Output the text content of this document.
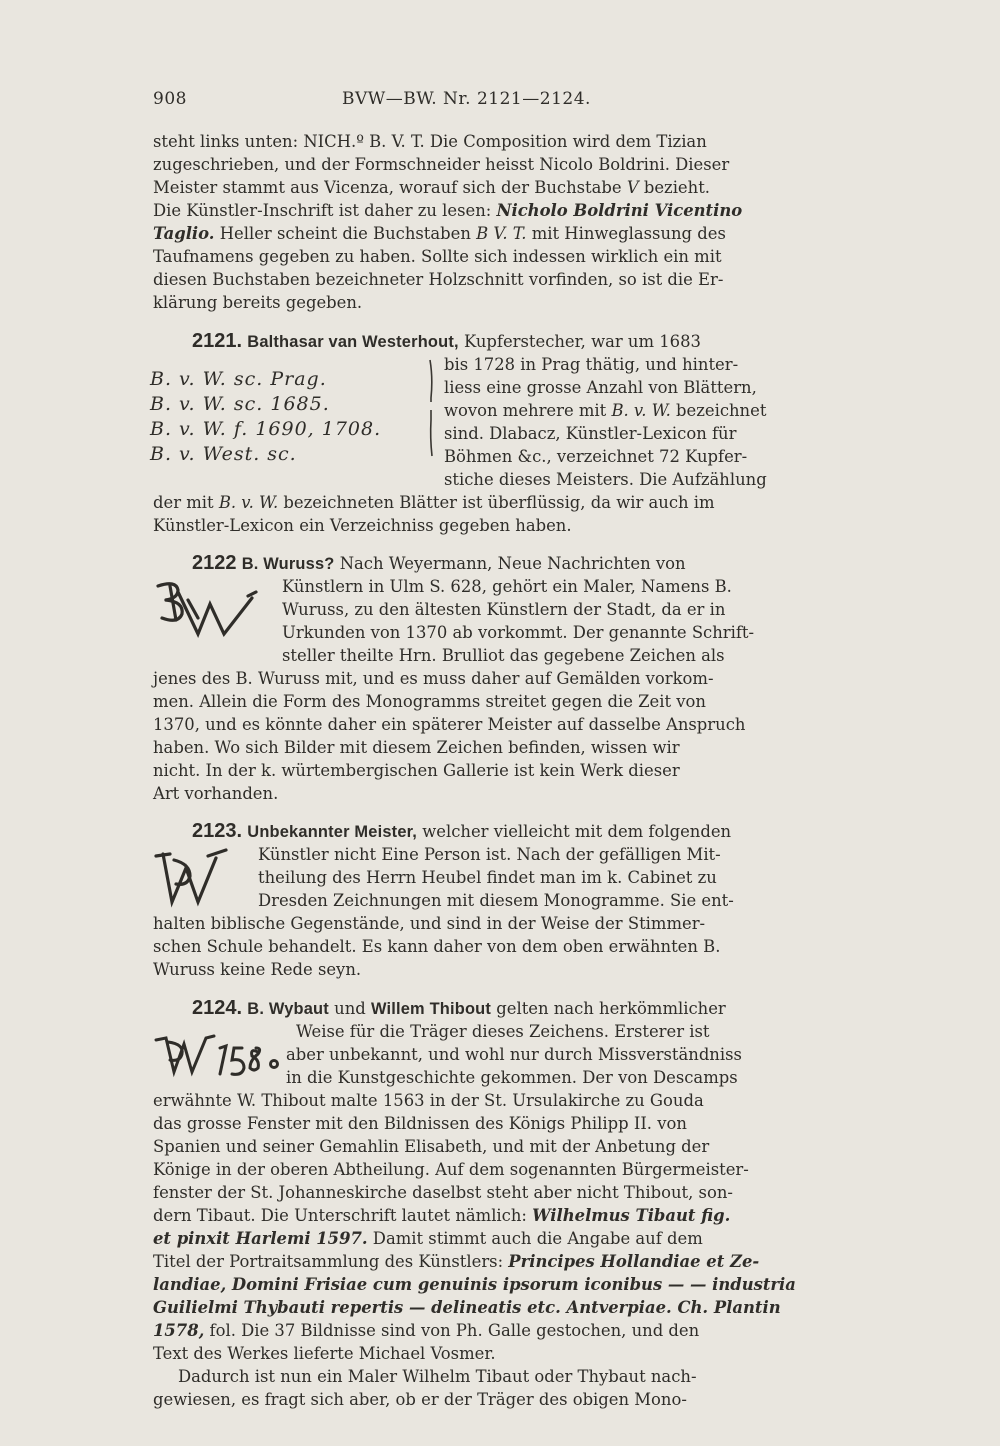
908	BVW—BW. Nr. 2121—2124.
steht links unten: NICH.º B. V. T. Die Composition wird dem Tizian
zugeschrieben, und der Formschneider heisst Nicolo Boldrini. Dieser
Meister stammt aus Vicenza, worauf sich der Buchstabe V bezieht.
Die Künstler-Inschrift ist daher zu lesen: Nicholo Boldrini Vicentino
Taglio. Heller scheint die Buchstaben B V. T. mit Hinweglassung des
Taufnamens gegeben zu haben. Sollte sich indessen wirklich ein mit
diesen Buchstaben bezeichneter Holzschnitt vorfinden, so ist die Er-
klärung bereits gegeben.
2121. Balthasar van Westerhout, Kupferstecher, war um 1683
B. v. W. sc. Prag.
B. v. W. sc. 1685.
B. v. W. f. 1690, 1708.
B. v. West. sc.
bis 1728 in Prag thätig, und hinter-
liess eine grosse Anzahl von Blättern,
wovon mehrere mit B. v. W. bezeichnet
sind. Dlabacz, Künstler-Lexicon für
Böhmen &c., verzeichnet 72 Kupfer-
stiche dieses Meisters. Die Aufzählung
der mit B. v. W. bezeichneten Blätter ist überflüssig, da wir auch im
Künstler-Lexicon ein Verzeichniss gegeben haben.
2122 B. Wuruss? Nach Weyermann, Neue Nachrichten von
Künstlern in Ulm S. 628, gehört ein Maler, Namens B.
Wuruss, zu den ältesten Künstlern der Stadt, da er in
Urkunden von 1370 ab vorkommt. Der genannte Schrift-
steller theilte Hrn. Brulliot das gegebene Zeichen als
jenes des B. Wuruss mit, und es muss daher auf Gemälden vorkom-
men. Allein die Form des Monogramms streitet gegen die Zeit von
1370, und es könnte daher ein späterer Meister auf dasselbe Anspruch
haben. Wo sich Bilder mit diesem Zeichen befinden, wissen wir
nicht. In der k. würtembergischen Gallerie ist kein Werk dieser
Art vorhanden.
2123. Unbekannter Meister, welcher vielleicht mit dem folgenden
Künstler nicht Eine Person ist. Nach der gefälligen Mit-
theilung des Herrn Heubel findet man im k. Cabinet zu
Dresden Zeichnungen mit diesem Monogramme. Sie ent-
halten biblische Gegenstände, und sind in der Weise der Stimmer-
schen Schule behandelt. Es kann daher von dem oben erwähnten B.
Wuruss keine Rede seyn.
2124. B. Wybaut und Willem Thibout gelten nach herkömmlicher
Weise für die Träger dieses Zeichens. Ersterer ist
aber unbekannt, und wohl nur durch Missverständniss
in die Kunstgeschichte gekommen. Der von Descamps
erwähnte W. Thibout malte 1563 in der St. Ursulakirche zu Gouda
das grosse Fenster mit den Bildnissen des Königs Philipp II. von
Spanien und seiner Gemahlin Elisabeth, und mit der Anbetung der
Könige in der oberen Abtheilung. Auf dem sogenannten Bürgermeister-
fenster der St. Johanneskirche daselbst steht aber nicht Thibout, son-
dern Tibaut. Die Unterschrift lautet nämlich: Wilhelmus Tibaut fig.
et pinxit Harlemi 1597. Damit stimmt auch die Angabe auf dem
Titel der Portraitsammlung des Künstlers: Principes Hollandiae et Ze-
landiae, Domini Frisiae cum genuinis ipsorum iconibus — — industria
Guilielmi Thybauti repertis — delineatis etc. Antverpiae. Ch. Plantin
1578, fol. Die 37 Bildnisse sind von Ph. Galle gestochen, und den
Text des Werkes lieferte Michael Vosmer.
Dadurch ist nun ein Maler Wilhelm Tibaut oder Thybaut nach-
gewiesen, es fragt sich aber, ob er der Träger des obigen Mono-
